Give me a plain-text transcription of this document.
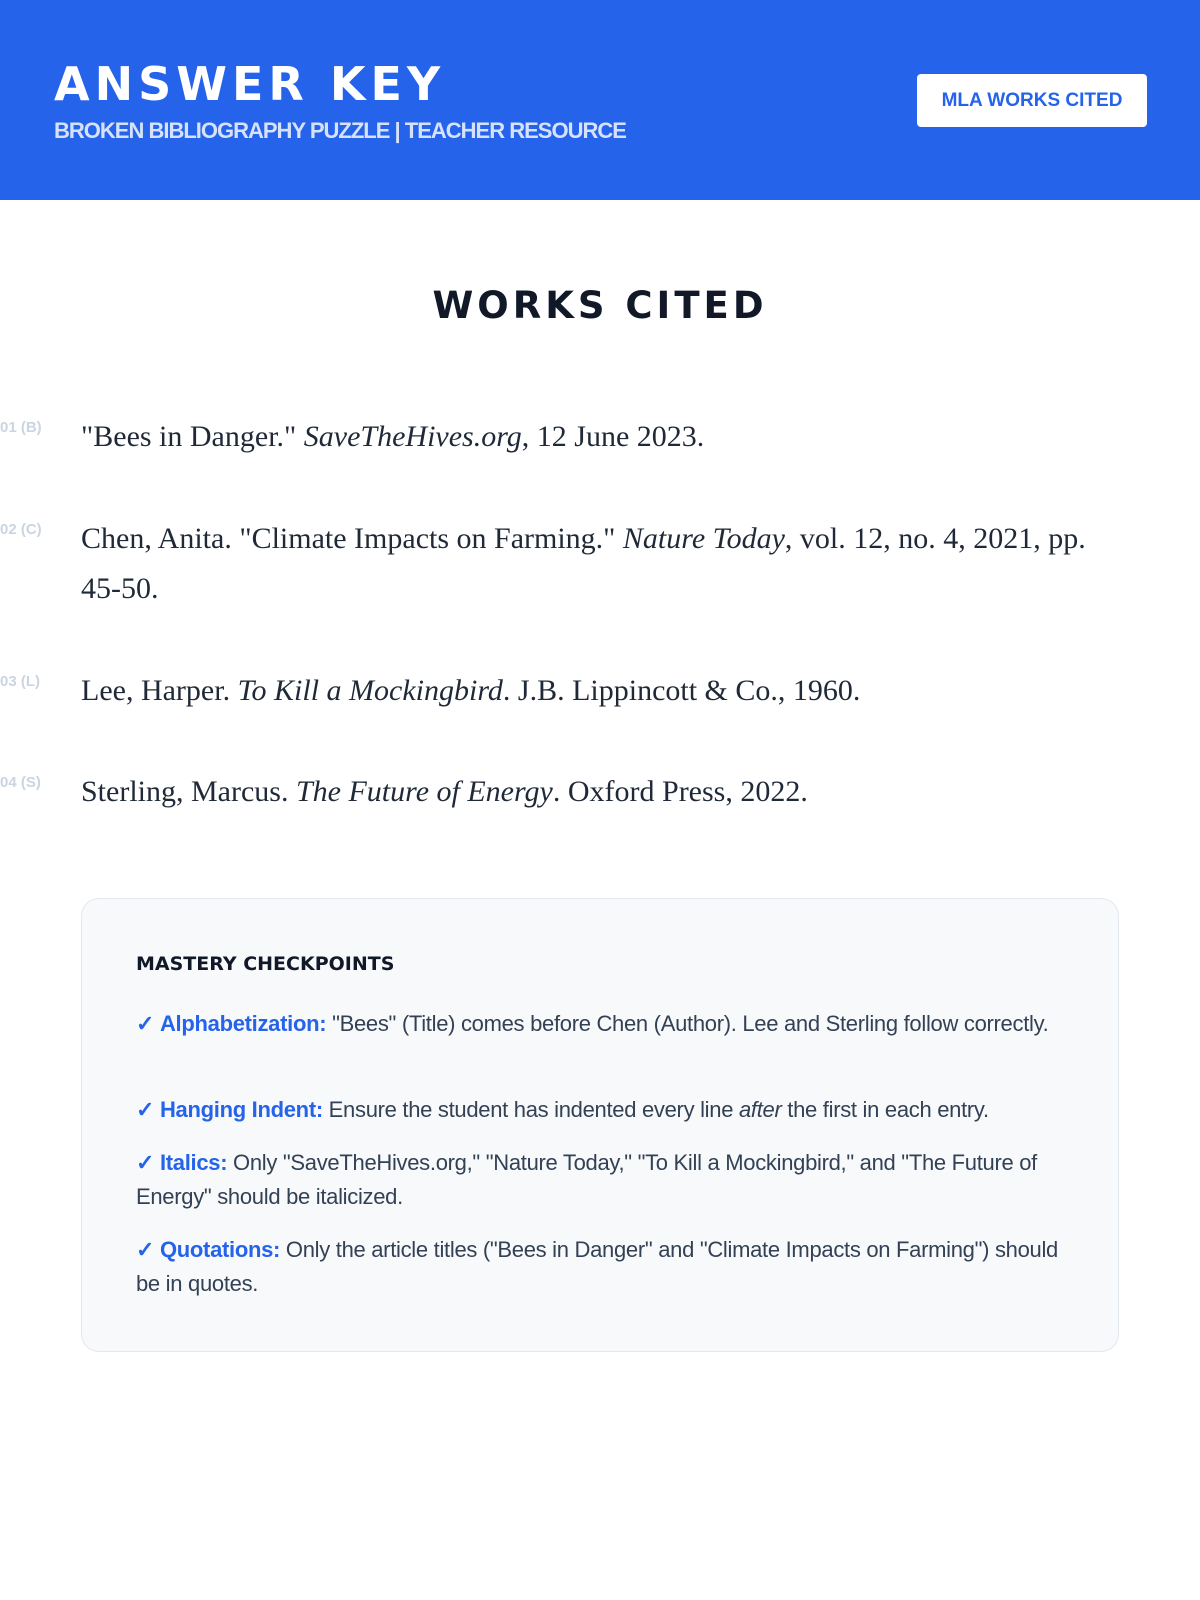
ANSWER KEY

BROKEN BIBLIOGRAPHY PUZZLE | TEACHER RESOURCE

MLA WORKS CITED
WORKS CITED
01 (B) "Bees in Danger." SaveTheHives.org, 12 June 2023.
02 (C) Chen, Anita. "Climate Impacts on Farming." Nature Today, vol. 12, no. 4, 2021, pp. 45-50.
03 (L) Lee, Harper. To Kill a Mockingbird. J.B. Lippincott & Co., 1960.
04 (S) Sterling, Marcus. The Future of Energy. Oxford Press, 2022.
MASTERY CHECKPOINTS
✓ Alphabetization: "Bees" (Title) comes before Chen (Author). Lee and Sterling follow correctly.
✓ Hanging Indent: Ensure the student has indented every line after the first in each entry.
✓ Italics: Only "SaveTheHives.org," "Nature Today," "To Kill a Mockingbird," and "The Future of Energy" should be italicized.
✓ Quotations: Only the article titles ("Bees in Danger" and "Climate Impacts on Farming") should be in quotes.
